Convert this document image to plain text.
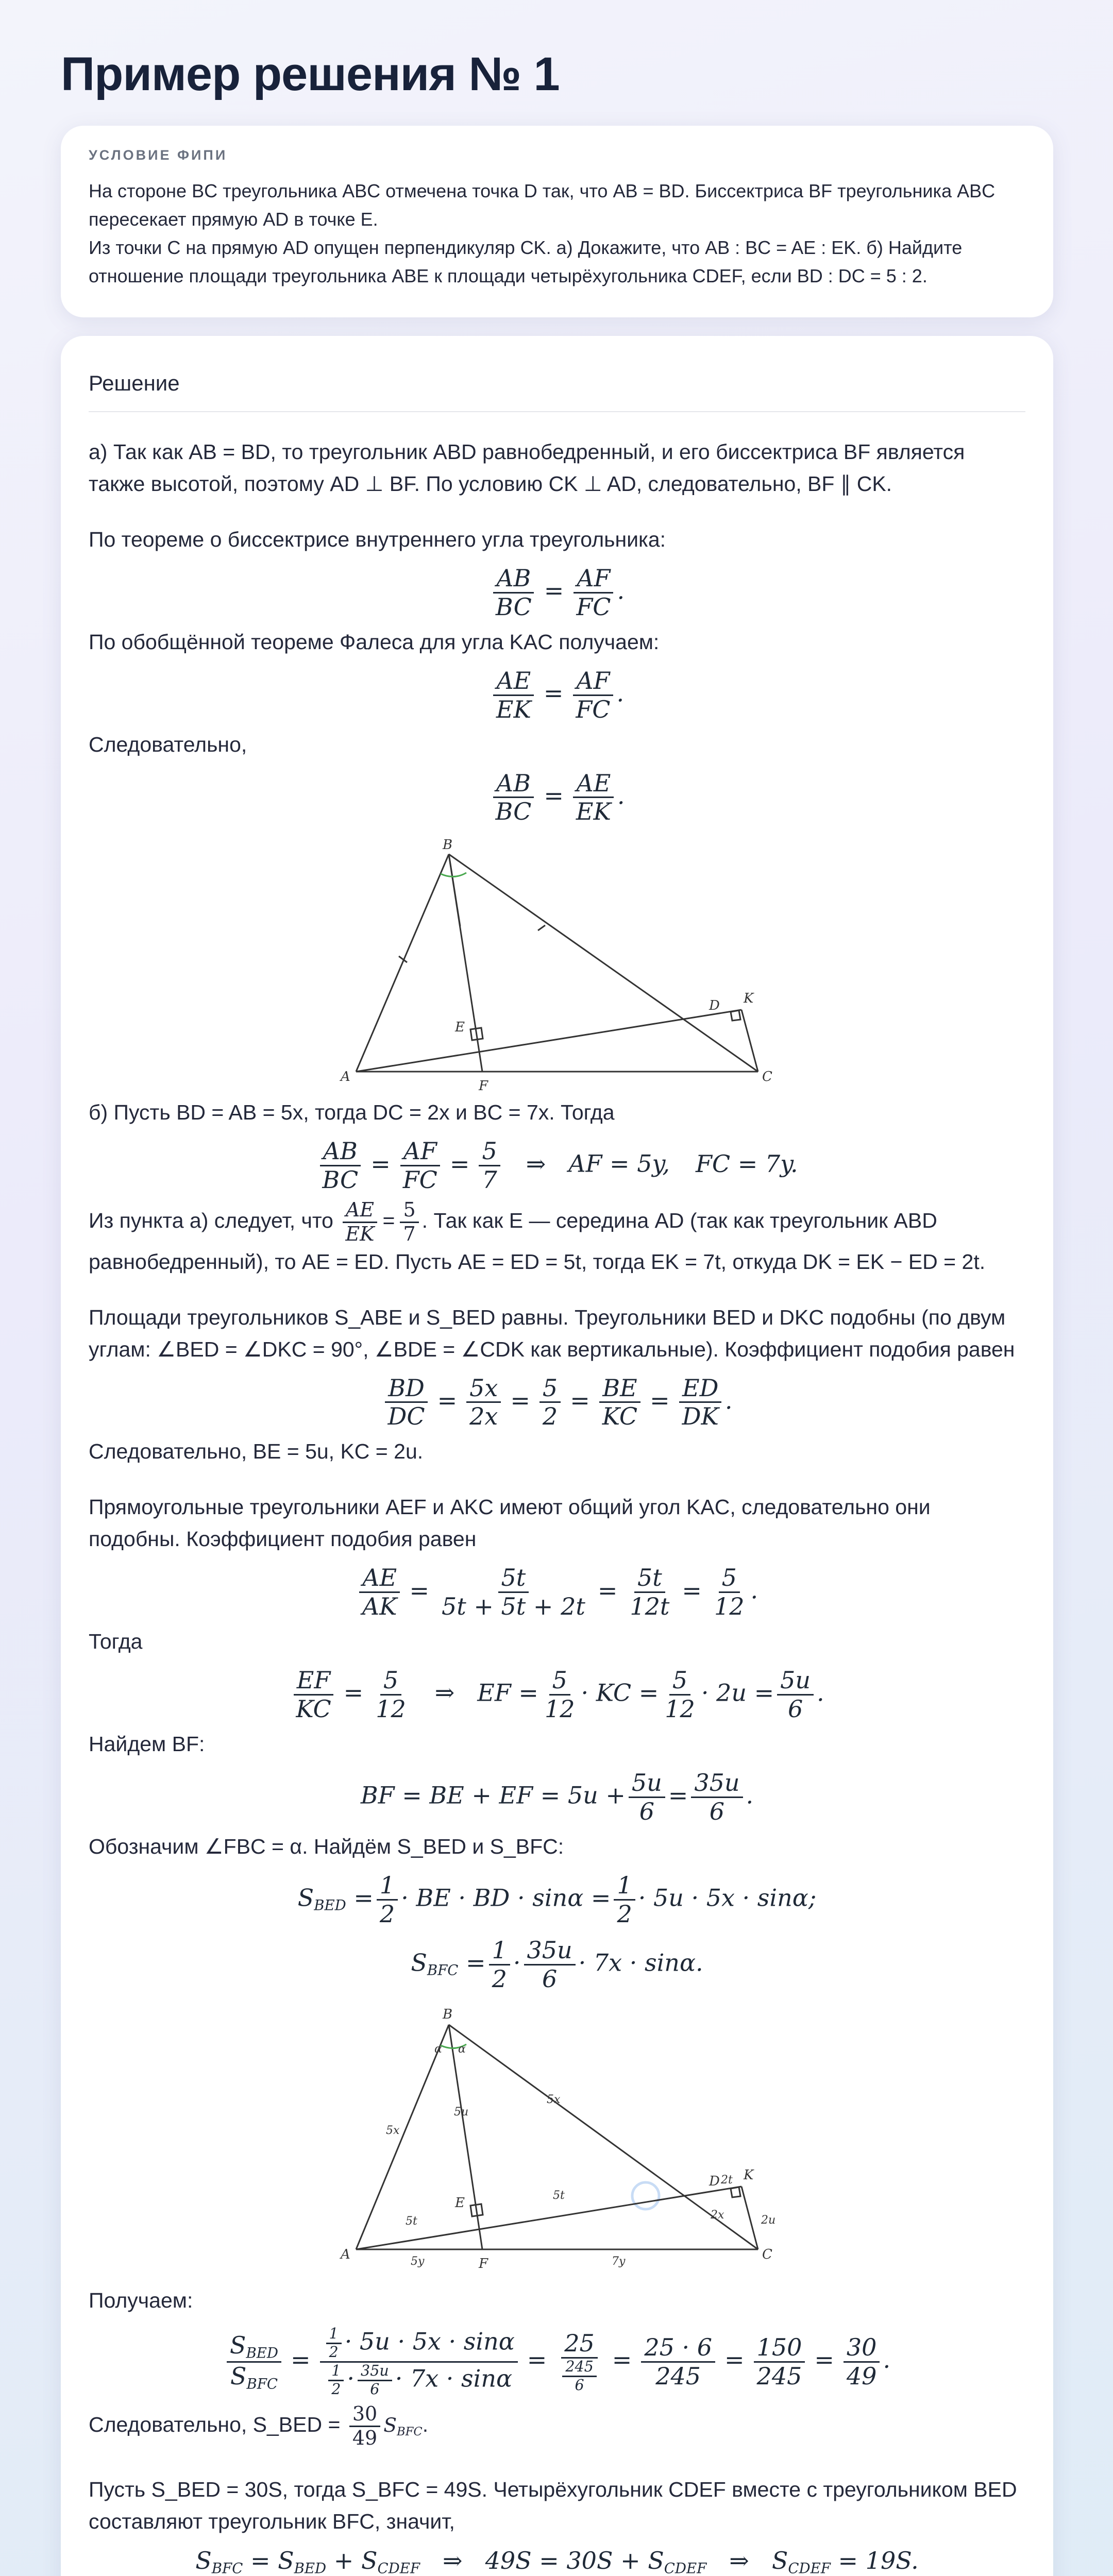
Пример решения № 1
УСЛОВИЕ ФИПИ
На стороне BC треугольника ABC отмечена точка D так, что AB = BD. Биссектриса BF треугольника ABC пересекает прямую AD в точке E.
Из точки C на прямую AD опущен перпендикуляр CK. а) Докажите, что AB : BC = AE : EK. б) Найдите отношение площади треугольника ABE к площади четырёхугольника CDEF, если BD : DC = 5 : 2.
Решение
а) Так как AB = BD, то треугольник ABD равнобедренный, и его биссектриса BF является также высотой, поэтому AD ⊥ BF. По условию CK ⊥ AD, следовательно, BF ∥ CK.
По теореме о биссектрисе внутреннего угла треугольника:
$\frac{AB}{BC} = \frac{AF}{FC}$ .
По обобщённой теореме Фалеса для угла KAC получаем:
$\frac{AE}{EK} = \frac{AF}{FC}$ .
Следовательно,
$\frac{AB}{BC} = \frac{AE}{EK}$ .
A
B
C
D
E
F
K
б) Пусть BD = AB = 5x, тогда DC = 2x и BC = 7x. Тогда
$\frac{AB}{BC} = \frac{AF}{FC} = \frac{5}{7}$ ⇒ AF = 5y, FC = 7y.
Из пункта а) следует, что $\frac{AE}{EK} = \frac{5}{7}$ . Так как E — середина AD (так как треугольник ABD равнобедренный), то AE = ED. Пусть AE = ED = 5t, тогда EK = 7t, откуда DK = EK − ED = 2t.
Площади треугольников S_ABE и S_BED равны. Треугольники BED и DKC подобны (по двум углам: ∠BED = ∠DKC = 90°, ∠BDE = ∠CDK как вертикальные). Коэффициент подобия равен
$\frac{BD}{DC} = \frac{5x}{2x} = \frac{5}{2} = \frac{BE}{KC} = \frac{ED}{DK}$ .
Следовательно, BE = 5u, KC = 2u.
Прямоугольные треугольники AEF и AKC имеют общий угол KAC, следовательно они подобны. Коэффициент подобия равен
$\frac{AE}{AK} = \frac{5t}{5t + 5t + 2t} = \frac{5t}{12t} = \frac{5}{12}$ .
Тогда
$\frac{EF}{KC} = \frac{5}{12}$ ⇒ EF = $\frac{5}{12}$ · KC = $\frac{5}{12} \cdot 2u = \frac{5u}{6}$ .
Найдем BF:
BF = BE + EF = $5u + \frac{5u}{6} = \frac{35u}{6}$ .
Обозначим ∠FBC = α. Найдём S_BED и S_BFC:
$S_{BED} = \frac{1}{2}$ · BE · BD · $\sin\alpha = \frac{1}{2} \cdot 5u \cdot 5x \cdot \sin\alpha$;
$S_{BFC} = \frac{1}{2} \cdot \frac{35u}{6} \cdot 7x \cdot \sin\alpha$.
A
B
C
D
E
F
K
5x
5u
5x
α α
5t
5t
2t
2u
2x
5y	7y
Получаем:
$\frac{S_{BED}}{S_{BFC}} = \frac{\frac{1}{2} \cdot 5u \cdot 5x \cdot \sin\alpha}{\frac{1}{2} \cdot \frac{35u}{6} \cdot 7x \cdot \sin\alpha} = \frac{25}{\frac{245}{6}} = \frac{25 \cdot 6}{245} = \frac{150}{245} = \frac{30}{49}$ .
Следовательно, S_BED = $\frac{30}{49} S_{BFC}$.
Пусть S_BED = 30S, тогда S_BFC = 49S. Четырёхугольник CDEF вместе с треугольником BED составляют треугольник BFC, значит,
$S_{BFC} = S_{BED} + S_{CDEF}$ ⇒ $49S = 30S + S_{CDEF}$ ⇒ $S_{CDEF} = 19S$.
